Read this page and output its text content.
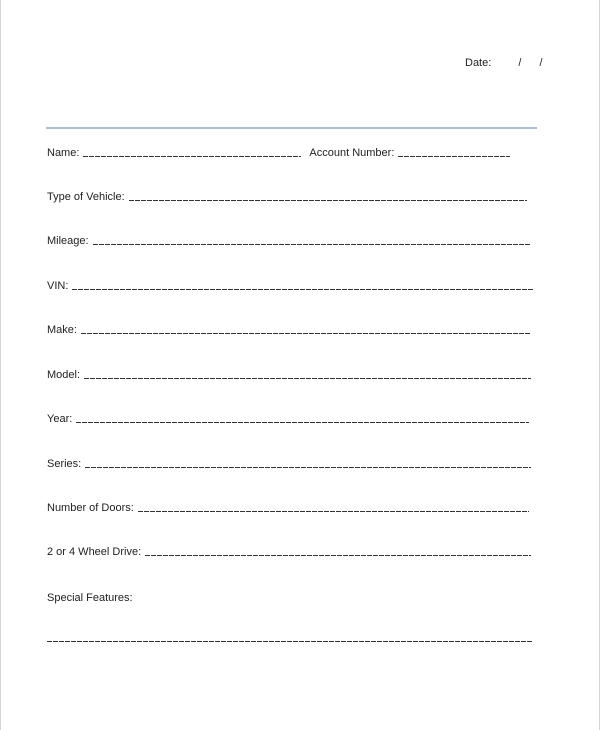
Date: / /
Name:	Account Number:
Type of Vehicle:
Mileage:
VIN:
Make:
Model:
Year:
Series:
Number of Doors:
2 or 4 Wheel Drive:
Special Features:
